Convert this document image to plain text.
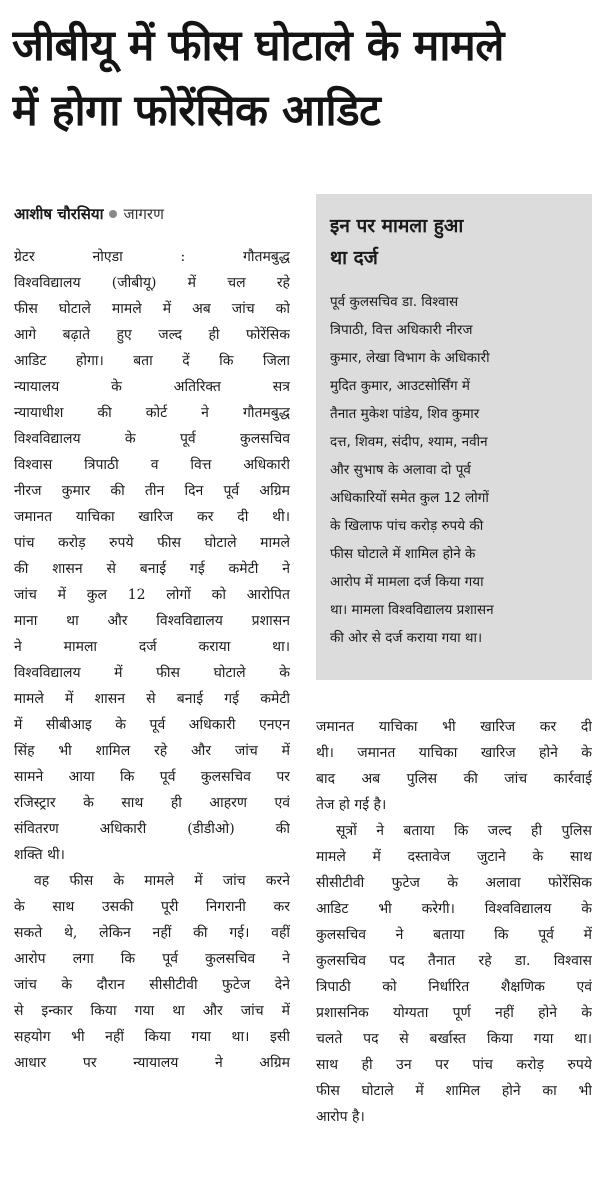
जीबीयू में फीस घोटाले के मामले
में होगा फोरेंसिक आडिट
आशीष चौरसिया जागरण
ग्रेटर नोएडा : गौतमबुद्ध
विश्वविद्यालय (जीबीयू) में चल रहे
फीस घोटाले मामले में अब जांच को
आगे बढ़ाते हुए जल्द ही फोरेंसिक
आडिट होगा। बता दें कि जिला
न्यायालय के अतिरिक्त सत्र
न्यायाधीश की कोर्ट ने गौतमबुद्ध
विश्वविद्यालय के पूर्व कुलसचिव
विश्वास त्रिपाठी व वित्त अधिकारी
नीरज कुमार की तीन दिन पूर्व अग्रिम
जमानत याचिका खारिज कर दी थी।
पांच करोड़ रुपये फीस घोटाले मामले
की शासन से बनाई गई कमेटी ने
जांच में कुल 12 लोगों को आरोपित
माना था और विश्वविद्यालय प्रशासन
ने मामला दर्ज कराया था।
विश्वविद्यालय में फीस घोटाले के
मामले में शासन से बनाई गई कमेटी
में सीबीआइ के पूर्व अधिकारी एनएन
सिंह भी शामिल रहे और जांच में
सामने आया कि पूर्व कुलसचिव पर
रजिस्ट्रार के साथ ही आहरण एवं
संवितरण अधिकारी (डीडीओ) की
शक्ति थी।
वह फीस के मामले में जांच करने
के साथ उसकी पूरी निगरानी कर
सकते थे, लेकिन नहीं की गई। वहीं
आरोप लगा कि पूर्व कुलसचिव ने
जांच के दौरान सीसीटीवी फुटेज देने
से इन्कार किया गया था और जांच में
सहयोग भी नहीं किया गया था। इसी
आधार पर न्यायालय ने अग्रिम
इन पर मामला हुआ
था दर्ज
पूर्व कुलसचिव डा. विश्वास
त्रिपाठी, वित्त अधिकारी नीरज
कुमार, लेखा विभाग के अधिकारी
मुदित कुमार, आउटसोर्सिंग में
तैनात मुकेश पांडेय, शिव कुमार
दत्त, शिवम, संदीप, श्याम, नवीन
और सुभाष के अलावा दो पूर्व
अधिकारियों समेत कुल 12 लोगों
के खिलाफ पांच करोड़ रुपये की
फीस घोटाले में शामिल होने के
आरोप में मामला दर्ज किया गया
था। मामला विश्वविद्यालय प्रशासन
की ओर से दर्ज कराया गया था।
जमानत याचिका भी खारिज कर दी
थी। जमानत याचिका खारिज होने के
बाद अब पुलिस की जांच कार्रवाई
तेज हो गई है।
सूत्रों ने बताया कि जल्द ही पुलिस
मामले में दस्तावेज जुटाने के साथ
सीसीटीवी फुटेज के अलावा फोरेंसिक
आडिट भी करेगी। विश्वविद्यालय के
कुलसचिव ने बताया कि पूर्व में
कुलसचिव पद तैनात रहे डा. विश्वास
त्रिपाठी को निर्धारित शैक्षणिक एवं
प्रशासनिक योग्यता पूर्ण नहीं होने के
चलते पद से बर्खास्त किया गया था।
साथ ही उन पर पांच करोड़ रुपये
फीस घोटाले में शामिल होने का भी
आरोप है।
